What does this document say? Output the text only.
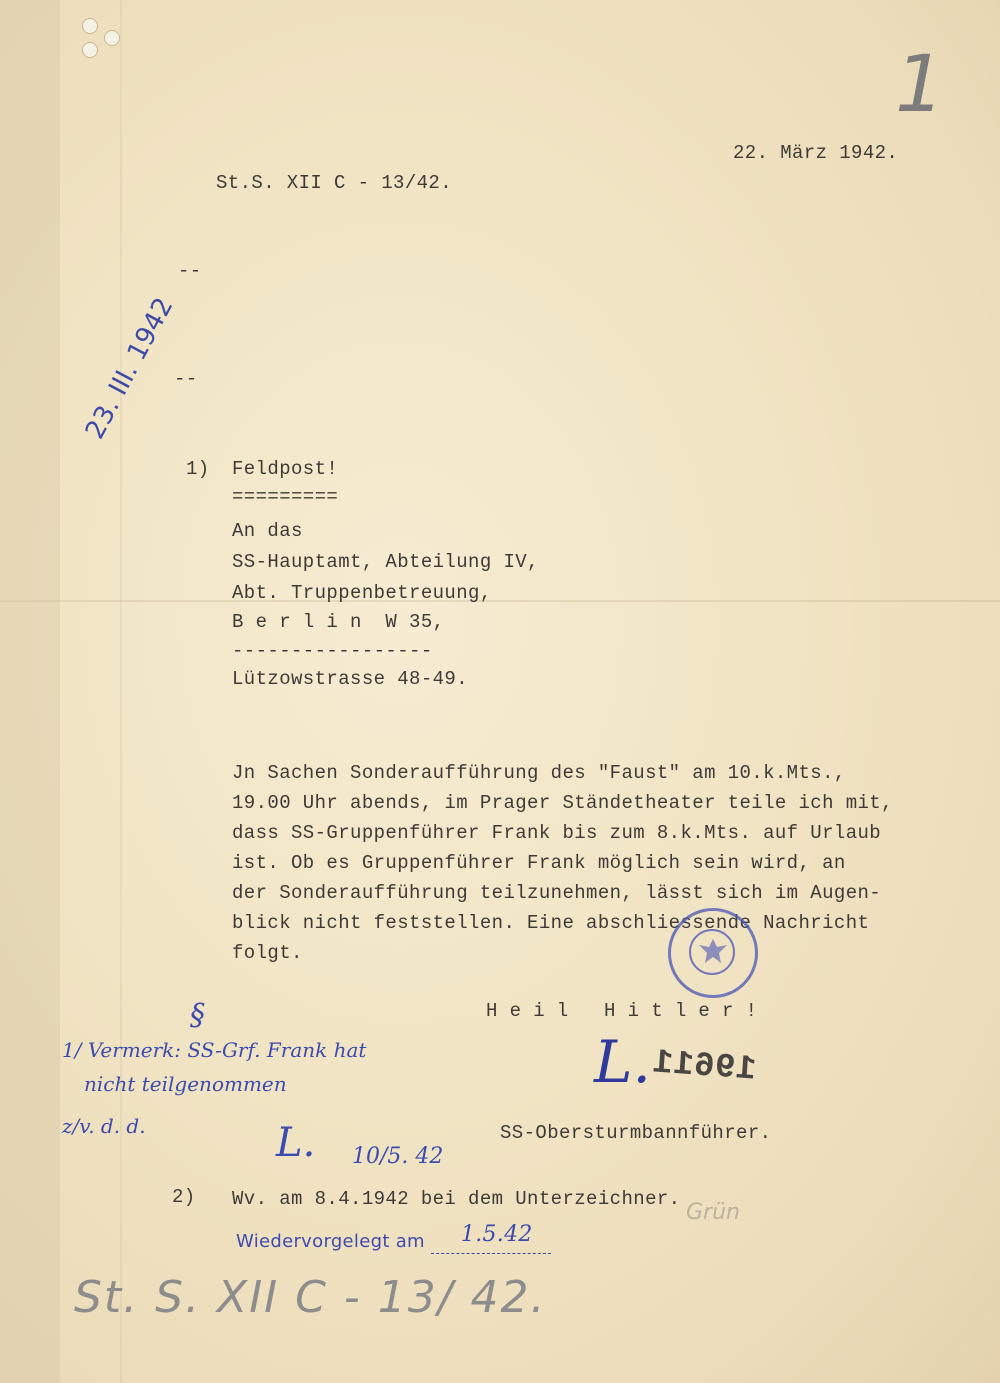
1
22. März 1942.
St.S. XII C - 13/42.
--
--
23. III. 1942
1) Feldpost!
=========
An das
SS-Hauptamt, Abteilung IV,
Abt. Truppenbetreuung,
B e r l i n  W 35,
-----------------
Lützowstrasse 48-49.
Jn Sachen Sonderaufführung des "Faust" am 10.k.Mts.,
19.00 Uhr abends, im Prager Ständetheater teile ich mit,
dass SS-Gruppenführer Frank bis zum 8.k.Mts. auf Urlaub
ist. Ob es Gruppenführer Frank möglich sein wird, an
der Sonderaufführung teilzunehmen, lässt sich im Augen-
blick nicht feststellen. Eine abschliessende Nachricht
folgt.
H e i l   H i t l e r !
§
1/ Vermerk: SS-Grf. Frank hat
nicht teilgenommen
z/v. d. d.
L. 19611
L. 10/5. 42
SS-Obersturmbannführer.
2) Wv. am 8.4.1942 bei dem Unterzeichner.
Wiedervorgelegt am 1.5.42
Grün
St. S. XII C - 13/ 42.
